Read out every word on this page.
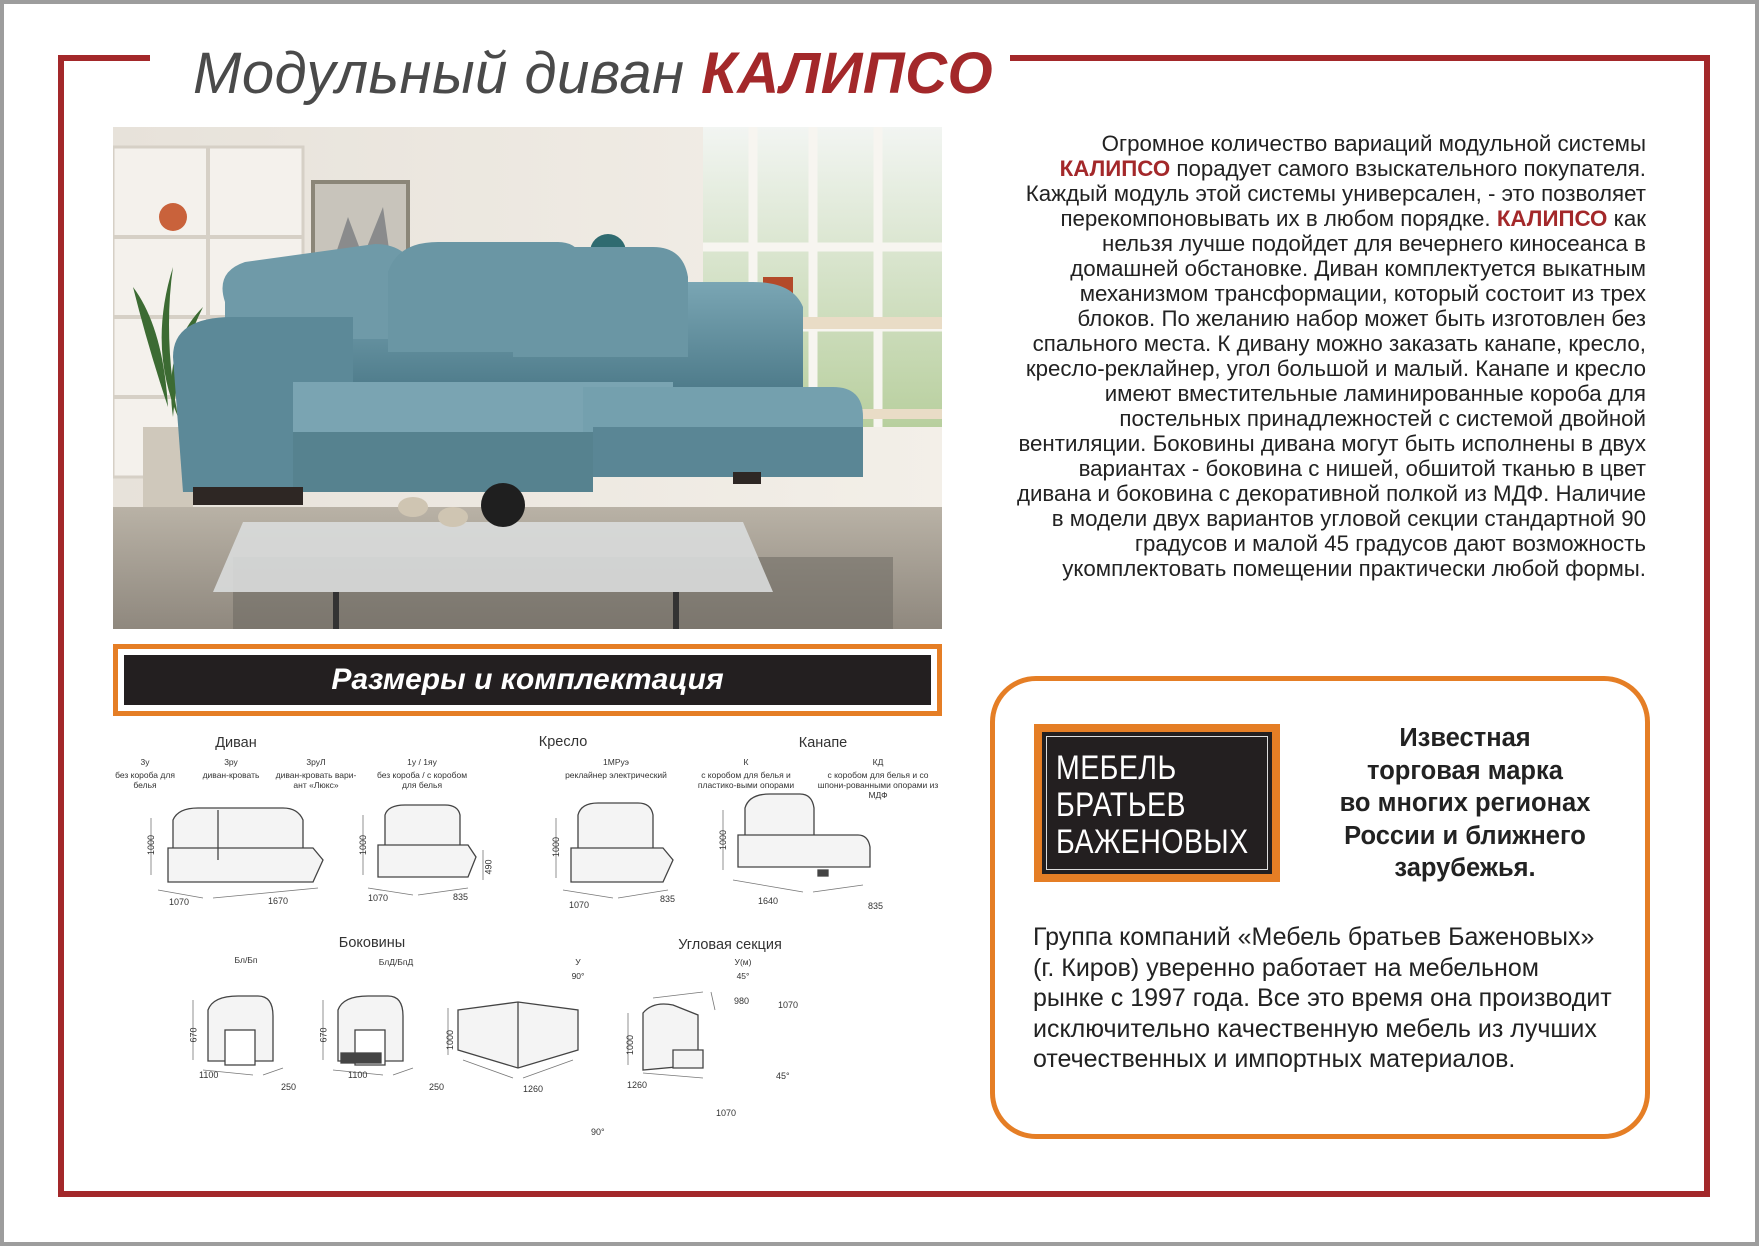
Модульный диван КАЛИПСО
Огромное количество вариаций модульной системы КАЛИПСО порадует самого взыскательного покупателя. Каждый модуль этой системы универсален, - это позволяет перекомпоновывать их в любом порядке. КАЛИПСО как нельзя лучше подойдет для вечернего киносеанса в домашней обстановке. Диван комплектуется выкатным механизмом трансформации, который состоит из трех блоков. По желанию набор может быть изготовлен без спального места. К дивану можно заказать канапе, кресло, кресло-реклайнер, угол большой и малый. Канапе и кресло имеют вместительные ламинированные короба для постельных принадлежностей с системой двойной вентиляции. Боковины дивана могут быть исполнены в двух вариантах - боковина с нишей, обшитой тканью в цвет дивана и боковина с декоративной полкой из МДФ. Наличие в модели двух вариантов угловой секции стандартной 90 градусов и малой 45 градусов дают возможность укомплектовать помещении практически любой формы.
Размеры и комплектация
Диван	Кресло	Канапе
Боковины	Угловая секция
3у	3ру	3руЛ	1у / 1яу	1МРуэ	К	КД
без короба для белья
диван-кровать	диван-кровать вари-ант «Люкс»
без короба / с коробом для белья
реклайнер электрический	с коробом для белья и пластико-выми опорами
с коробом для белья и со шпони-рованными опорами из МДФ
Бл/Бп	БлД/БпД	У	У(м)
90°	45°
1000
1070	1670
1000
1070	835
490
1000
1070
835
1000
1640	835
670
1100
250
670
1100
250
1000
1260	1260
90°
1000
980	1070
1070
45°
МЕБЕЛЬ
БРАТЬЕВ
БАЖЕНОВЫХ
Известная
торговая марка
во многих регионах
России и ближнего
зарубежья.
Группа компаний «Мебель братьев Баженовых» (г. Киров) уверенно работает на мебельном рынке с 1997 года. Все это время она производит исключительно качественную мебель из лучших отечественных и импортных материалов.
